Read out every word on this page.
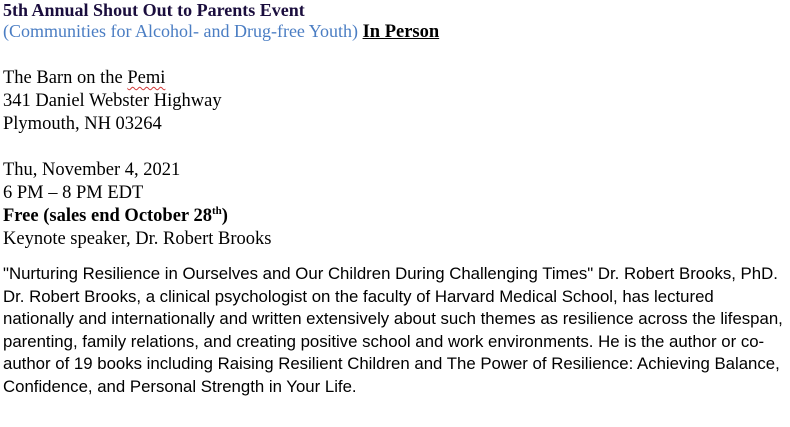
5th Annual Shout Out to Parents Event
(Communities for Alcohol- and Drug-free Youth) In Person
The Barn on the Pemi
341 Daniel Webster Highway
Plymouth, NH 03264
Thu, November 4, 2021
6 PM – 8 PM EDT
Free (sales end October 28th)
Keynote speaker, Dr. Robert Brooks
"Nurturing Resilience in Ourselves and Our Children During Challenging Times" Dr. Robert Brooks, PhD. Dr. Robert Brooks, a clinical psychologist on the faculty of Harvard Medical School, has lectured nationally and internationally and written extensively about such themes as resilience across the lifespan, parenting, family relations, and creating positive school and work environments. He is the author or co-author of 19 books including Raising Resilient Children and The Power of Resilience: Achieving Balance, Confidence, and Personal Strength in Your Life.
